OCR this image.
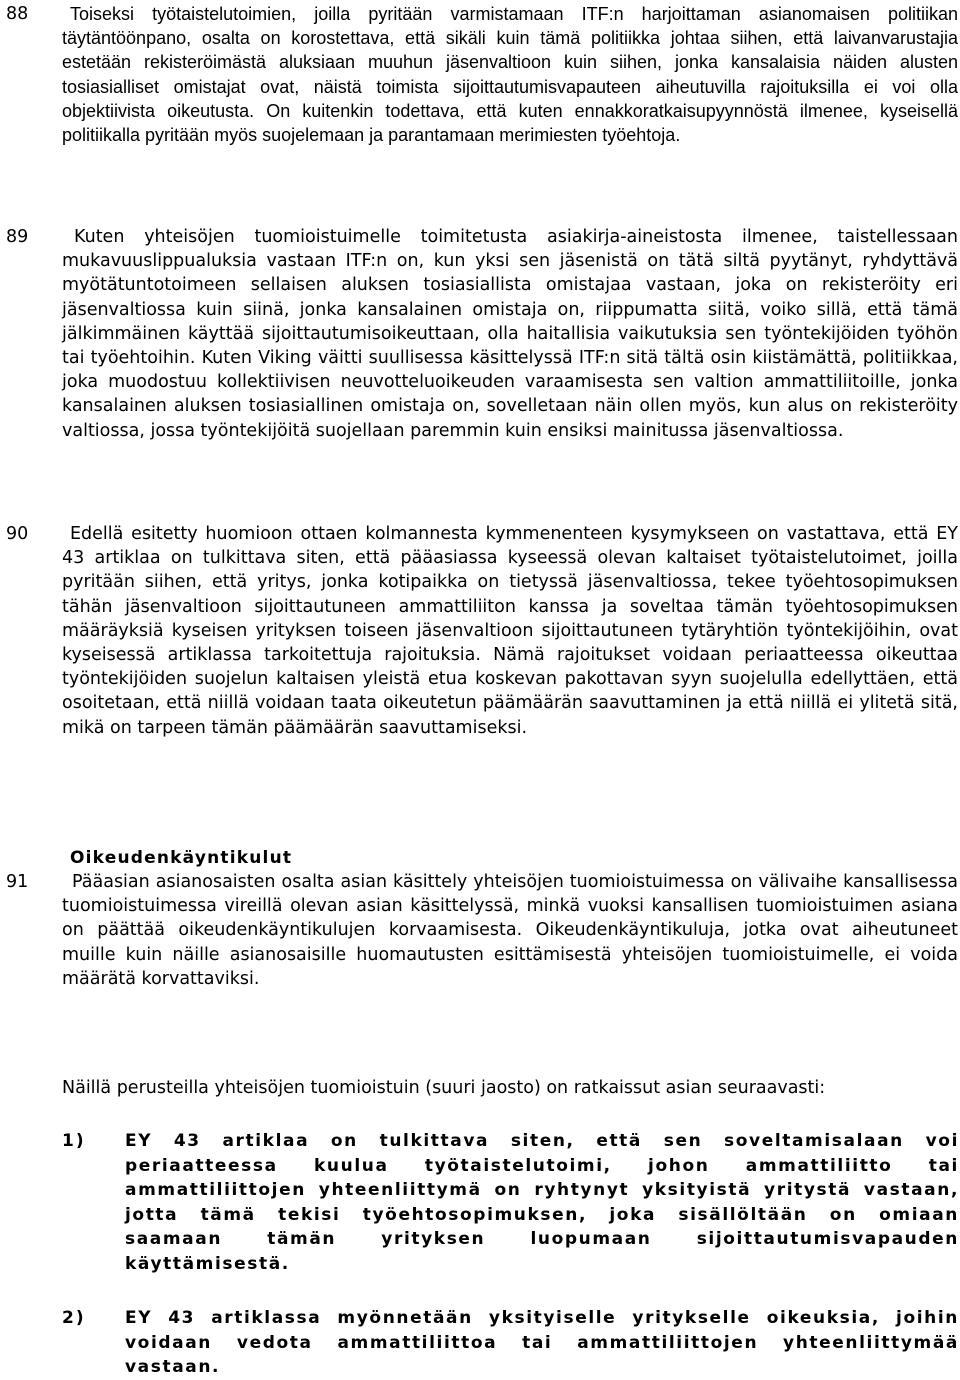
88	Toiseksi työtaistelutoimien, joilla pyritään varmistamaan ITF:n harjoittaman asianomaisen politiikan täytäntöönpano, osalta on korostettava, että sikäli kuin tämä politiikka johtaa siihen, että laivanvarustajia estetään rekisteröimästä aluksiaan muuhun jäsenvaltioon kuin siihen, jonka kansalaisia näiden alusten tosiasialliset omistajat ovat, näistä toimista sijoittautumisvapauteen aiheutuvilla rajoituksilla ei voi olla objektiivista oikeutusta. On kuitenkin todettava, että kuten ennakkoratkaisupyynnöstä ilmenee, kyseisellä politiikalla pyritään myös suojelemaan ja parantamaan merimiesten työehtoja.
89	Kuten yhteisöjen tuomioistuimelle toimitetusta asiakirja-aineistosta ilmenee, taistellessaan mukavuuslippualuksia vastaan ITF:n on, kun yksi sen jäsenistä on tätä siltä pyytänyt, ryhdyttävä myötätuntotoimeen sellaisen aluksen tosiasiallista omistajaa vastaan, joka on rekisteröity eri jäsenvaltiossa kuin siinä, jonka kansalainen omistaja on, riippumatta siitä, voiko sillä, että tämä jälkimmäinen käyttää sijoittautumisoikeuttaan, olla haitallisia vaikutuksia sen työntekijöiden työhön tai työehtoihin. Kuten Viking väitti suullisessa käsittelyssä ITF:n sitä tältä osin kiistämättä, politiikkaa, joka muodostuu kollektiivisen neuvotteluoikeuden varaamisesta sen valtion ammattiliitoille, jonka kansalainen aluksen tosiasiallinen omistaja on, sovelletaan näin ollen myös, kun alus on rekisteröity valtiossa, jossa työntekijöitä suojellaan paremmin kuin ensiksi mainitussa jäsenvaltiossa.
90	Edellä esitetty huomioon ottaen kolmannesta kymmenenteen kysymykseen on vastattava, että EY 43 artiklaa on tulkittava siten, että pääasiassa kyseessä olevan kaltaiset työtaistelutoimet, joilla pyritään siihen, että yritys, jonka kotipaikka on tietyssä jäsenvaltiossa, tekee työehtosopimuksen tähän jäsenvaltioon sijoittautuneen ammattiliiton kanssa ja soveltaa tämän työehtosopimuksen määräyksiä kyseisen yrityksen toiseen jäsenvaltioon sijoittautuneen tytäryhtiön työntekijöihin, ovat kyseisessä artiklassa tarkoitettuja rajoituksia. Nämä rajoitukset voidaan periaatteessa oikeuttaa työntekijöiden suojelun kaltaisen yleistä etua koskevan pakottavan syyn suojelulla edellyttäen, että osoitetaan, että niillä voidaan taata oikeutetun päämäärän saavuttaminen ja että niillä ei ylitetä sitä, mikä on tarpeen tämän päämäärän saavuttamiseksi.
Oikeudenkäyntikulut
91	Pääasian asianosaisten osalta asian käsittely yhteisöjen tuomioistuimessa on välivaihe kansallisessa tuomioistuimessa vireillä olevan asian käsittelyssä, minkä vuoksi kansallisen tuomioistuimen asiana on päättää oikeudenkäyntikulujen korvaamisesta. Oikeudenkäyntikuluja, jotka ovat aiheutuneet muille kuin näille asianosaisille huomautusten esittämisestä yhteisöjen tuomioistuimelle, ei voida määrätä korvattaviksi.
Näillä perusteilla yhteisöjen tuomioistuin (suuri jaosto) on ratkaissut asian seuraavasti:
1) EY 43 artiklaa on tulkittava siten, että sen soveltamisalaan voi periaatteessa kuulua työtaistelutoimi, johon ammattiliitto tai ammattiliittojen yhteenliittymä on ryhtynyt yksityistä yritystä vastaan, jotta tämä tekisi työehtosopimuksen, joka sisällöltään on omiaan saamaan tämän yrityksen luopumaan sijoittautumisvapauden käyttämisestä.
2) EY 43 artiklassa myönnetään yksityiselle yritykselle oikeuksia, joihin voidaan vedota ammattiliittoa tai ammattiliittojen yhteenliittymää vastaan.
